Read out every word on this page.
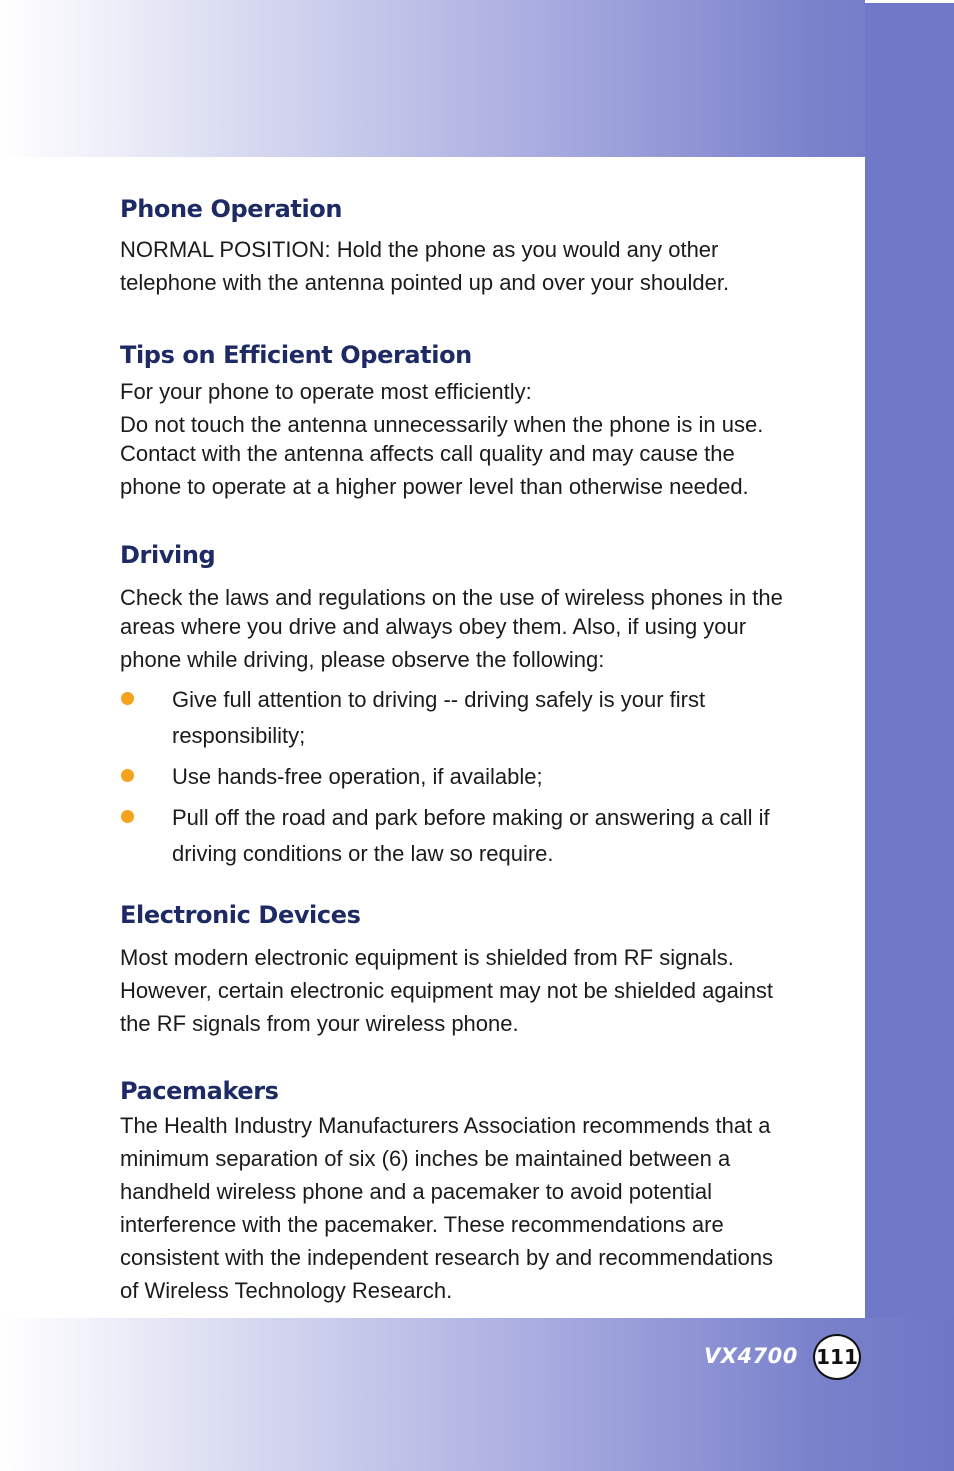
Phone Operation

NORMAL POSITION: Hold the phone as you would any other

telephone with the antenna pointed up and over your shoulder.

Tips on Efficient Operation

For your phone to operate most efficiently:

Do not touch the antenna unnecessarily when the phone is in use.

Contact with the antenna affects call quality and may cause the

phone to operate at a higher power level than otherwise needed.

Driving

Check the laws and regulations on the use of wireless phones in the

areas where you drive and always obey them. Also, if using your

phone while driving, please observe the following:

Give full attention to driving -- driving safely is your first
responsibility;
Use hands-free operation, if available;
Pull off the road and park before making or answering a call if
driving conditions or the law so require.
Electronic Devices

Most modern electronic equipment is shielded from RF signals.

However, certain electronic equipment may not be shielded against

the RF signals from your wireless phone.

Pacemakers

The Health Industry Manufacturers Association recommends that a

minimum separation of six (6) inches be maintained between a

handheld wireless phone and a pacemaker to avoid potential

interference with the pacemaker. These recommendations are

consistent with the independent research by and recommendations

of Wireless Technology Research.

VX4700 111
